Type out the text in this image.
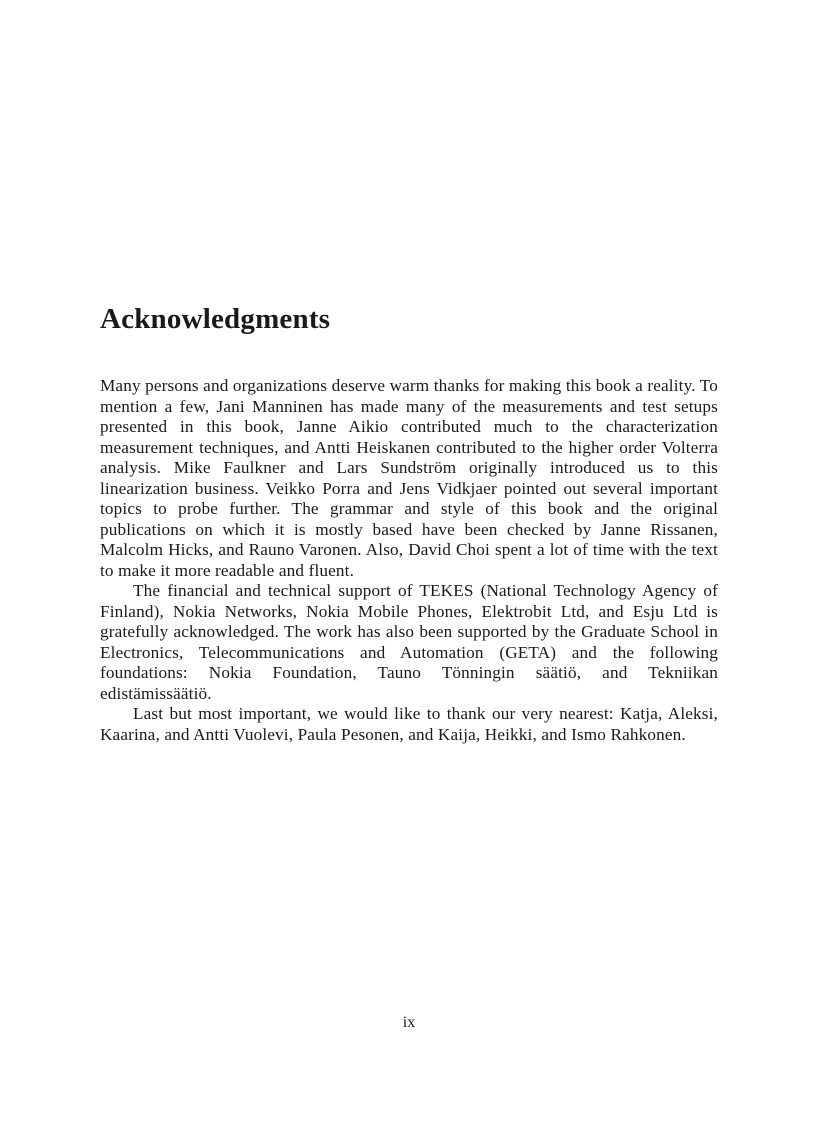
Acknowledgments

Many persons and organizations deserve warm thanks for making this book a reality. To mention a few, Jani Manninen has made many of the measurements and test setups presented in this book, Janne Aikio contributed much to the characterization measurement techniques, and Antti Heiskanen contributed to the higher order Volterra analysis. Mike Faulkner and Lars Sundström originally introduced us to this linearization business. Veikko Porra and Jens Vidkjaer pointed out several important topics to probe further. The grammar and style of this book and the original publications on which it is mostly based have been checked by Janne Rissanen, Malcolm Hicks, and Rauno Varonen. Also, David Choi spent a lot of time with the text to make it more readable and fluent.

The financial and technical support of TEKES (National Technology Agency of Finland), Nokia Networks, Nokia Mobile Phones, Elektrobit Ltd, and Esju Ltd is gratefully acknowledged. The work has also been supported by the Graduate School in Electronics, Telecommunications and Automation (GETA) and the following foundations: Nokia Foundation, Tauno Tönningin säätiö, and Tekniikan edistämissäätiö.

Last but most important, we would like to thank our very nearest: Katja, Aleksi, Kaarina, and Antti Vuolevi, Paula Pesonen, and Kaija, Heikki, and Ismo Rahkonen.

ix
